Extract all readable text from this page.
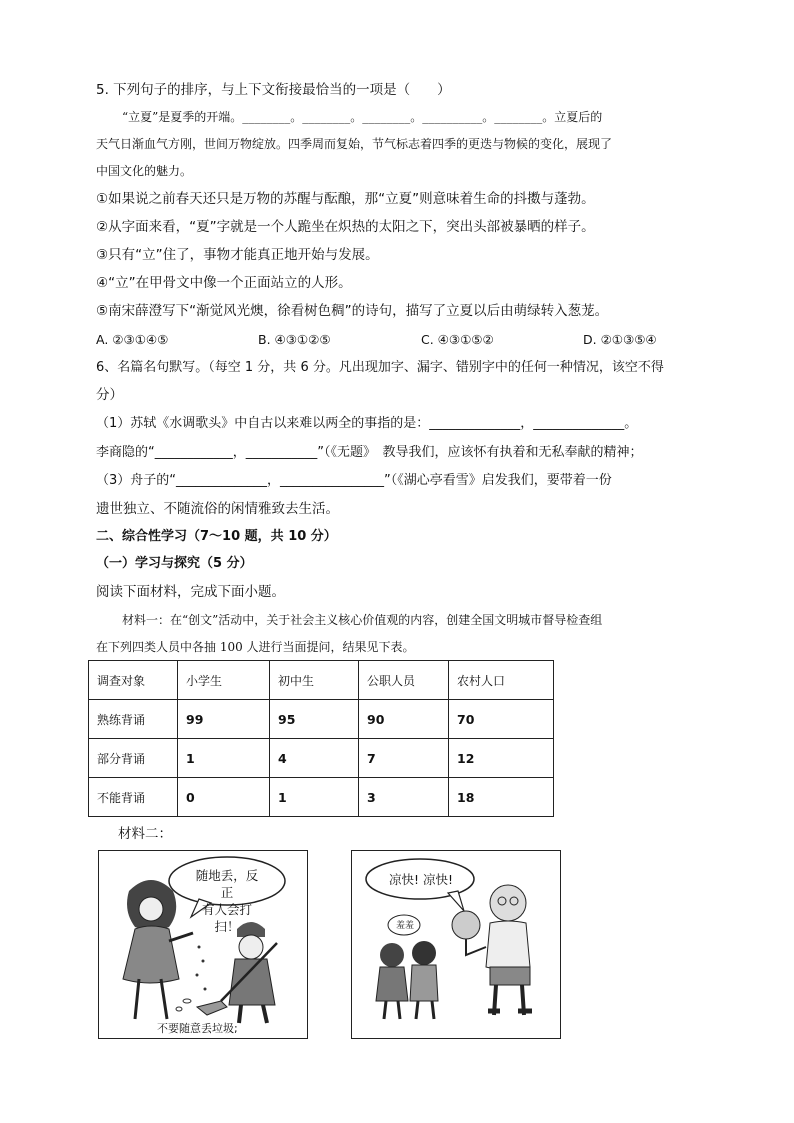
5. 下列句子的排序，与上下文衔接最恰当的一项是（　　）
“立夏”是夏季的开端。________。________。________。__________。________。立夏后的
天气日渐血气方刚，世间万物绽放。四季周而复始，节气标志着四季的更迭与物候的变化，展现了
中国文化的魅力。
①如果说之前春天还只是万物的苏醒与酝酿，那“立夏”则意味着生命的抖擞与蓬勃。
②从字面来看，“夏”字就是一个人跪坐在炽热的太阳之下，突出头部被暴晒的样子。
③只有“立”住了，事物才能真正地开始与发展。
④“立”在甲骨文中像一个正面站立的人形。
⑤南宋薛澄写下“渐觉风光燠，徐看树色稠”的诗句，描写了立夏以后由萌绿转入葱茏。
A. ②③①④⑤	B. ④③①②⑤	C. ④③①⑤②	D. ②①③⑤④
6、名篇名句默写。（每空 1 分，共 6 分。凡出现加字、漏字、错别字中的任何一种情况，该空不得
分）
（1）苏轼《水调歌头》中自古以来难以两全的事指的是：______________，______________。
李商隐的“____________，___________”（《无题》　教导我们，应该怀有执着和无私奉献的精神；
（3）舟子的“______________，________________”（《湖心亭看雪》启发我们，要带着一份
遗世独立、不随流俗的闲情雅致去生活。
二、综合性学习（7～10 题，共 10 分）
（一）学习与探究（5 分）
阅读下面材料，完成下面小题。
材料一：在“创文”活动中，关于社会主义核心价值观的内容，创建全国文明城市督导检查组
在下列四类人员中各抽 100 人进行当面提问，结果见下表。
调查对象	小学生	初中生	公职人员	农村人口
熟练背诵	99	95	90	70
部分背诵	1	4	7	12
不能背诵	0	1	3	18
材料二：
随地丢，反正
有人会打扫！
不要随意丢垃圾;
凉快! 凉快!
羞羞
